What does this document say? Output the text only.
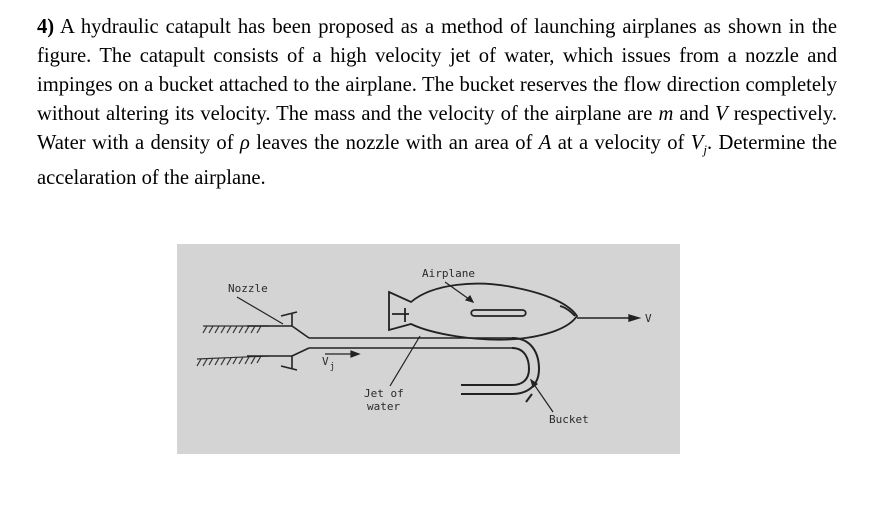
4) A hydraulic catapult has been proposed as a method of launching airplanes as shown in the figure. The catapult consists of a high velocity jet of water, which issues from a nozzle and impinges on a bucket attached to the airplane. The bucket reserves the flow direction completely without altering its velocity. The mass and the velocity of the airplane are m and V respectively. Water with a density of ρ leaves the nozzle with an area of A at a velocity of $V_j$. Determine the accelaration of the airplane.
Nozzle
Airplane
V
$V_j$
Jet of
water
Bucket
